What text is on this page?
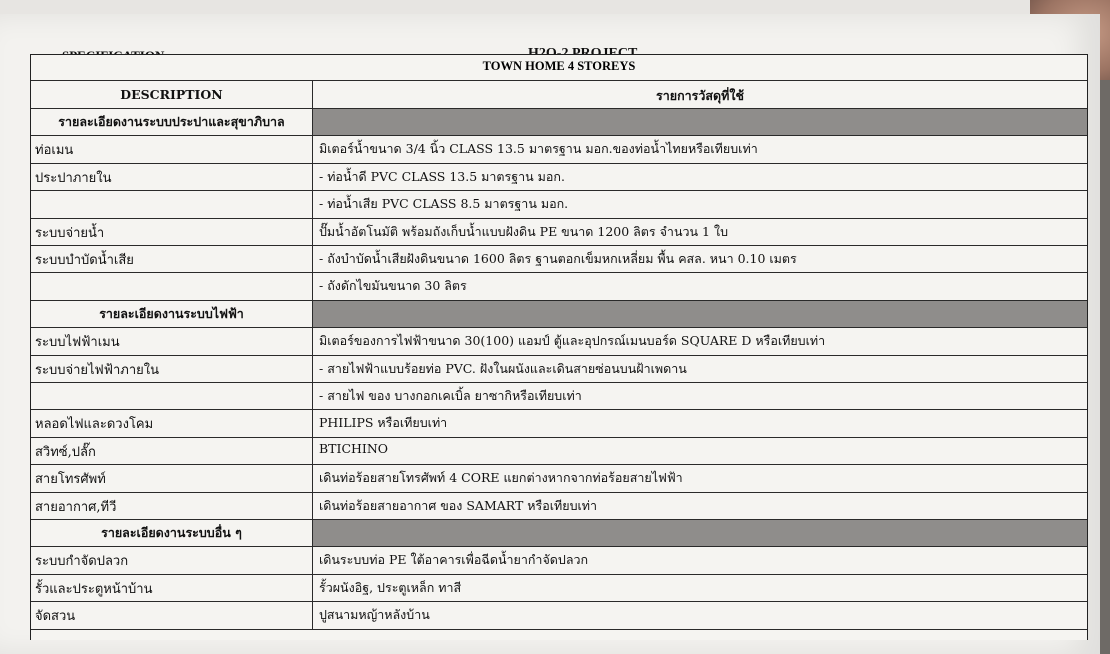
TOWN HOME 4 STOREYS
DESCRIPTION	รายการวัสดุที่ใช้
รายละเอียดงานระบบประปาและสุขาภิบาล
ท่อเมน	มิเตอร์น้ำขนาด 3/4 นิ้ว CLASS 13.5 มาตรฐาน มอก.ของท่อน้ำไทยหรือเทียบเท่า
ประปาภายใน	- ท่อน้ำดี PVC CLASS 13.5 มาตรฐาน มอก.
- ท่อน้ำเสีย PVC CLASS 8.5 มาตรฐาน มอก.
ระบบจ่ายน้ำ	ปั๊มน้ำอัตโนมัติ พร้อมถังเก็บน้ำแบบฝังดิน PE ขนาด 1200 ลิตร จำนวน 1 ใบ
ระบบบำบัดน้ำเสีย	- ถังบำบัดน้ำเสียฝังดินขนาด 1600 ลิตร ฐานตอกเข็มหกเหลี่ยม พื้น คสล. หนา 0.10 เมตร
- ถังดักไขมันขนาด 30 ลิตร
รายละเอียดงานระบบไฟฟ้า
ระบบไฟฟ้าเมน	มิเตอร์ของการไฟฟ้าขนาด 30(100) แอมป์ ตู้และอุปกรณ์เมนบอร์ด SQUARE D หรือเทียบเท่า
ระบบจ่ายไฟฟ้าภายใน	- สายไฟฟ้าแบบร้อยท่อ PVC. ฝังในผนังและเดินสายซ่อนบนฝ้าเพดาน
- สายไฟ ของ บางกอกเคเบิ้ล ยาซากิหรือเทียบเท่า
หลอดไฟและดวงโคม	PHILIPS หรือเทียบเท่า
สวิทซ์,ปลั๊ก	BTICHINO
สายโทรศัพท์	เดินท่อร้อยสายโทรศัพท์ 4 CORE แยกต่างหากจากท่อร้อยสายไฟฟ้า
สายอากาศ,ทีวี	เดินท่อร้อยสายอากาศ ของ SAMART หรือเทียบเท่า
รายละเอียดงานระบบอื่น ๆ
ระบบกำจัดปลวก	เดินระบบท่อ PE ใต้อาคารเพื่อฉีดน้ำยากำจัดปลวก
รั้วและประตูหน้าบ้าน	รั้วผนังอิฐ, ประตูเหล็ก ทาสี
จัดสวน	ปูสนามหญ้าหลังบ้าน
